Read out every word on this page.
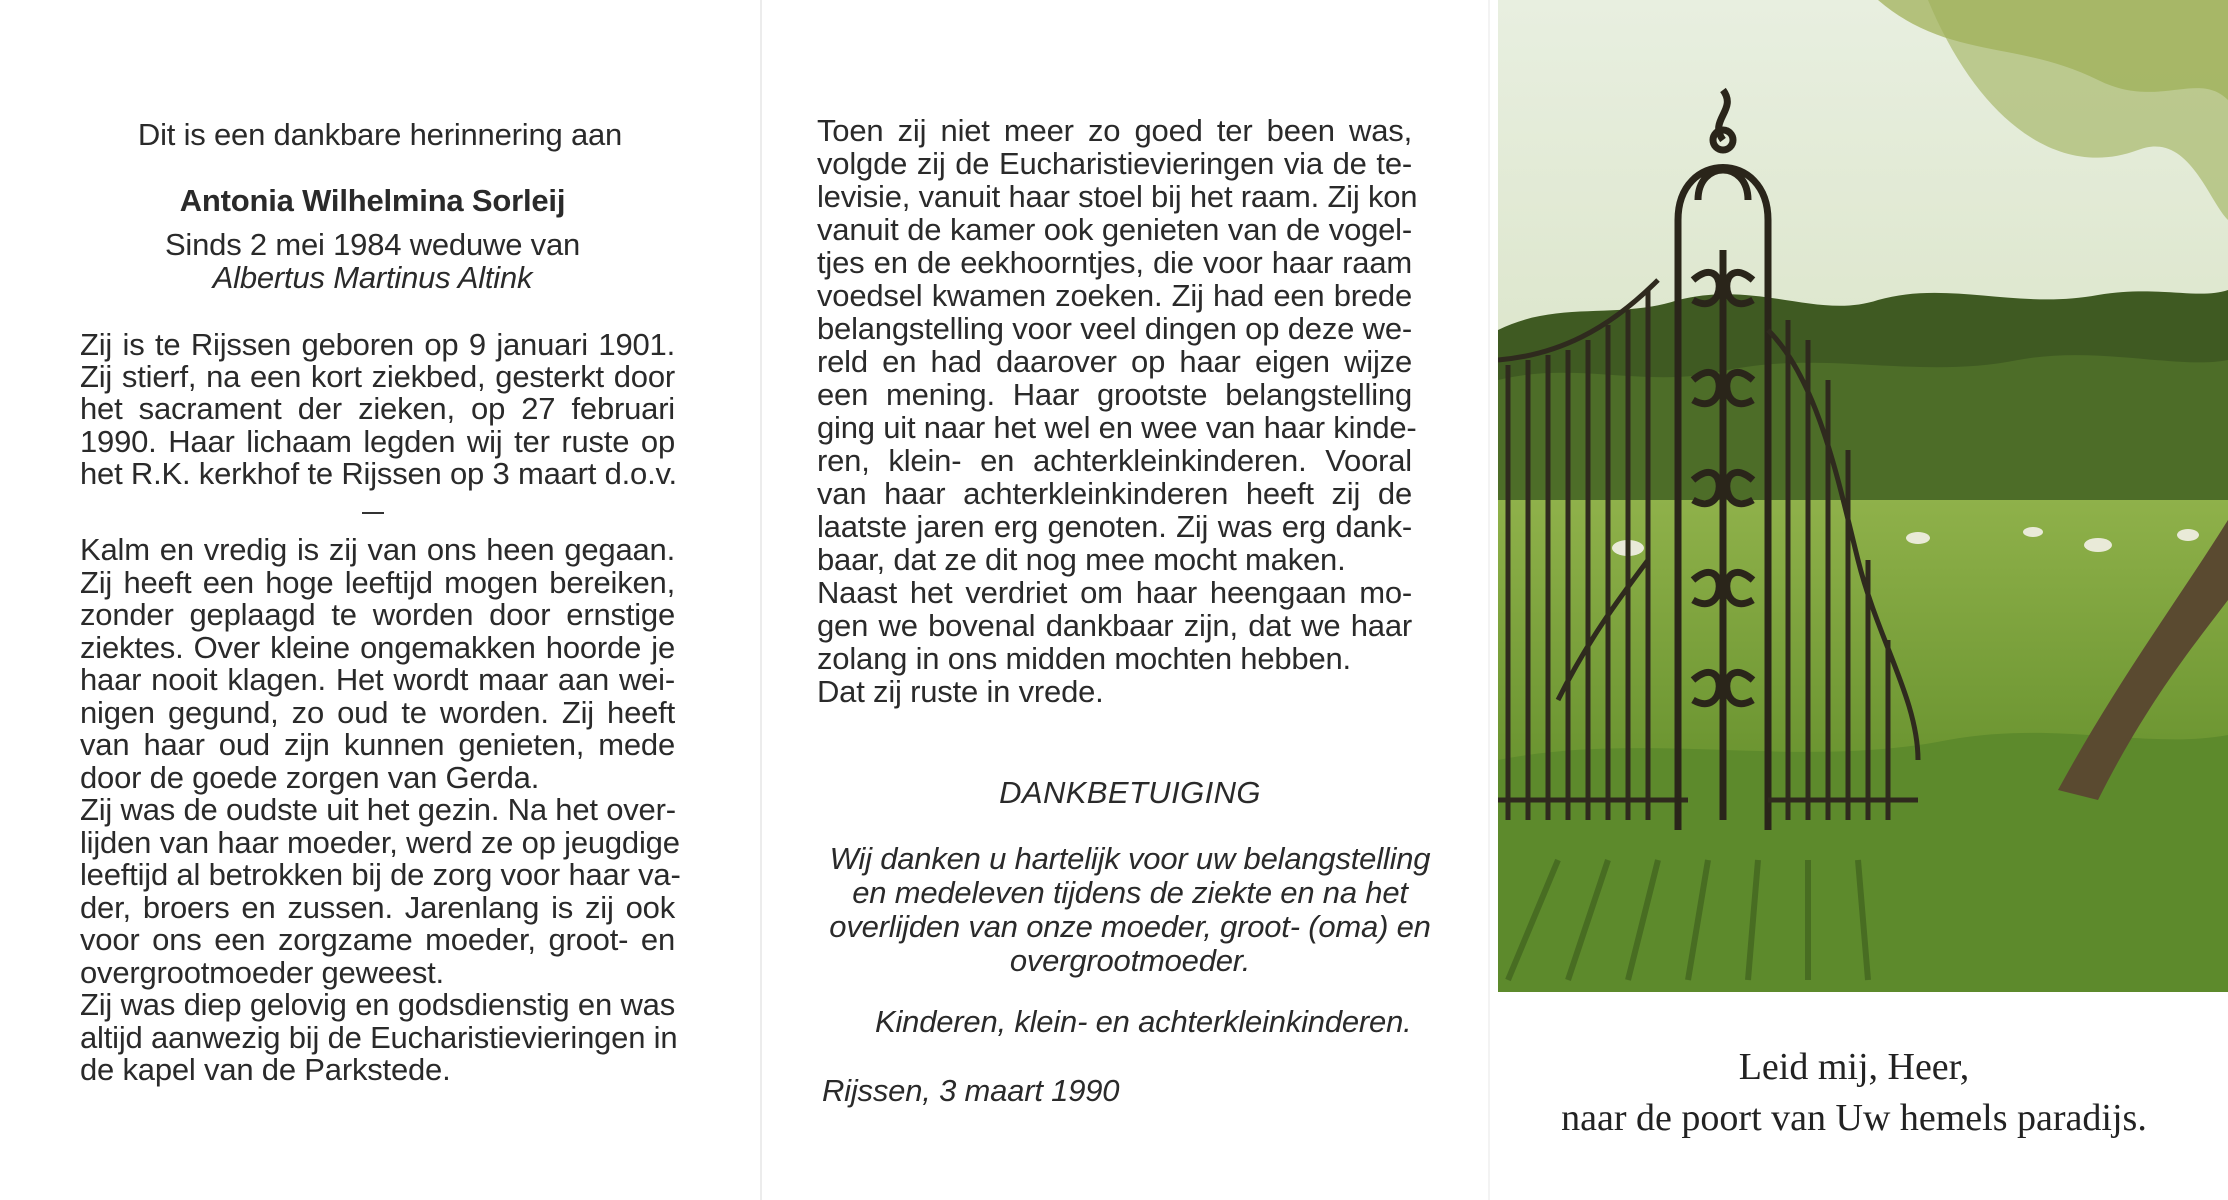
Dit is een dankbare herinnering aan
Antonia Wilhelmina Sorleij
Sinds 2 mei 1984 weduwe van
Albertus Martinus Altink
Zij is te Rijssen geboren op 9 januari 1901.
Zij stierf, na een kort ziekbed, gesterkt door
het sacrament der zieken, op 27 februari
1990. Haar lichaam legden wij ter ruste op
het R.K. kerkhof te Rijssen op 3 maart d.o.v.
Kalm en vredig is zij van ons heen gegaan.
Zij heeft een hoge leeftijd mogen bereiken,
zonder geplaagd te worden door ernstige
ziektes. Over kleine ongemakken hoorde je
haar nooit klagen. Het wordt maar aan wei-
nigen gegund, zo oud te worden. Zij heeft
van haar oud zijn kunnen genieten, mede
door de goede zorgen van Gerda.
Zij was de oudste uit het gezin. Na het over-
lijden van haar moeder, werd ze op jeugdige
leeftijd al betrokken bij de zorg voor haar va-
der, broers en zussen. Jarenlang is zij ook
voor ons een zorgzame moeder, groot- en
overgrootmoeder geweest.
Zij was diep gelovig en godsdienstig en was
altijd aanwezig bij de Eucharistievieringen in
de kapel van de Parkstede.
Toen zij niet meer zo goed ter been was,
volgde zij de Eucharistievieringen via de te-
levisie, vanuit haar stoel bij het raam. Zij kon
vanuit de kamer ook genieten van de vogel-
tjes en de eekhoorntjes, die voor haar raam
voedsel kwamen zoeken. Zij had een brede
belangstelling voor veel dingen op deze we-
reld en had daarover op haar eigen wijze
een mening. Haar grootste belangstelling
ging uit naar het wel en wee van haar kinde-
ren, klein- en achterkleinkinderen. Vooral
van haar achterkleinkinderen heeft zij de
laatste jaren erg genoten. Zij was erg dank-
baar, dat ze dit nog mee mocht maken.
Naast het verdriet om haar heengaan mo-
gen we bovenal dankbaar zijn, dat we haar
zolang in ons midden mochten hebben.
Dat zij ruste in vrede.
DANKBETUIGING
Wij danken u hartelijk voor uw belangstelling
en medeleven tijdens de ziekte en na het
overlijden van onze moeder, groot- (oma) en
overgrootmoeder.
Kinderen, klein- en achterkleinkinderen.
Rijssen, 3 maart 1990
Leid mij, Heer,
naar de poort van Uw hemels paradijs.
